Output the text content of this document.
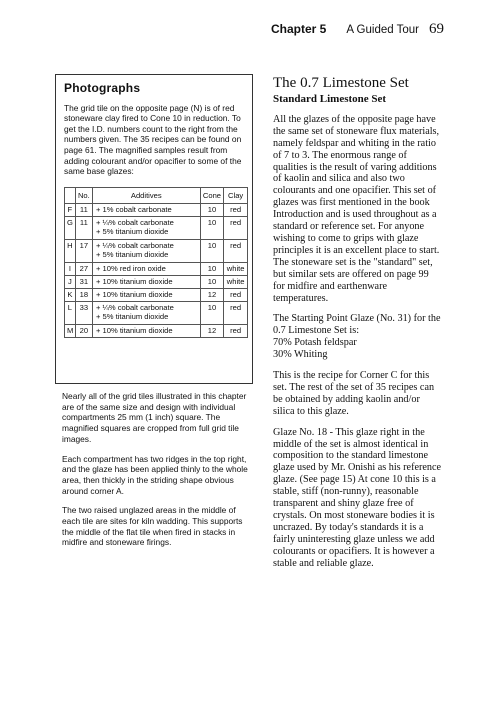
Chapter 5 A Guided Tour 69
Photographs

The grid tile on the opposite page (N) is of red stoneware clay fired to Cone 10 in reduction. To get the I.D. numbers count to the right from the numbers given. The 35 recipes can be found on page 61. The magnified samples result from adding colourant and/or opacifier to some of the same base glazes:

	No.	Additives	Cone	Clay
F	11	+ 1% cobalt carbonate	10	red
G	11	+ ¼% cobalt carbonate
+ 5% titanium dioxide	10	red
H	17	+ ¼% cobalt carbonate
+ 5% titanium dioxide	10	red
I	27	+ 10% red iron oxide	10	white
J	31	+ 10% titanium dioxide	10	white
K	18	+ 10% titanium dioxide	12	red
L	33	+ ¼% cobalt carbonate
+ 5% titanium dioxide	10	red
M	20	+ 10% titanium dioxide	12	red

Nearly all of the grid tiles illustrated in this chapter are of the same size and design with individual compartments 25 mm (1 inch) square. The magnified squares are cropped from full grid tile images.

Each compartment has two ridges in the top right, and the glaze has been applied thinly to the whole area, then thickly in the striding shape obvious around corner A.

The two raised unglazed areas in the middle of each tile are sites for kiln wadding. This supports the middle of the flat tile when fired in stacks in midfire and stoneware firings.

The 0.7 Limestone Set
Standard Limestone Set

All the glazes of the opposite page have the same set of stoneware flux materials, namely feldspar and whiting in the ratio of 7 to 3. The enormous range of qualities is the result of varing additions of kaolin and silica and also two colourants and one opacifier. This set of glazes was first mentioned in the book Introduction and is used throughout as a standard or reference set. For anyone wishing to come to grips with glaze principles it is an excellent place to start. The stoneware set is the "standard" set, but similar sets are offered on page 99 for midfire and earthenware temperatures.

The Starting Point Glaze (No. 31) for the 0.7 Limestone Set is:
70% Potash feldspar
30% Whiting

This is the recipe for Corner C for this set. The rest of the set of 35 recipes can be obtained by adding kaolin and/or silica to this glaze.

Glaze No. 18 - This glaze right in the middle of the set is almost identical in composition to the standard limestone glaze used by Mr. Onishi as his reference glaze. (See page 15) At cone 10 this is a stable, stiff (non-runny), reasonable transparent and shiny glaze free of crystals. On most stoneware bodies it is uncrazed. By today's standards it is a fairly uninteresting glaze unless we add colourants or opacifiers. It is however a stable and reliable glaze.
